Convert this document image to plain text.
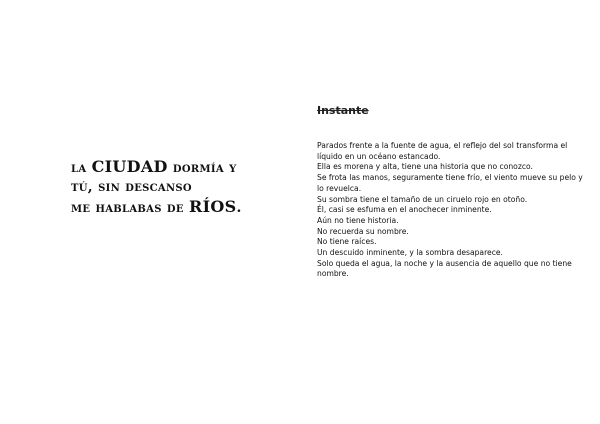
la CIUDAD dormía y
tú, sin descanso
me hablabas de RÍOS.
Instante
Parados frente a la fuente de agua, el reflejo del sol transforma el líquido en un océano estancado.
Ella es morena y alta, tiene una historia que no conozco.
Se frota las manos, seguramente tiene frío, el viento mueve su pelo y lo revuelca.
Su sombra tiene el tamaño de un ciruelo rojo en otoño.
Él, casi se esfuma en el anochecer inminente.
Aún no tiene historia.
No recuerda su nombre.
No tiene raíces.
Un descuido inminente, y la sombra desaparece.
Solo queda el agua, la noche y la ausencia de aquello que no tiene nombre.
